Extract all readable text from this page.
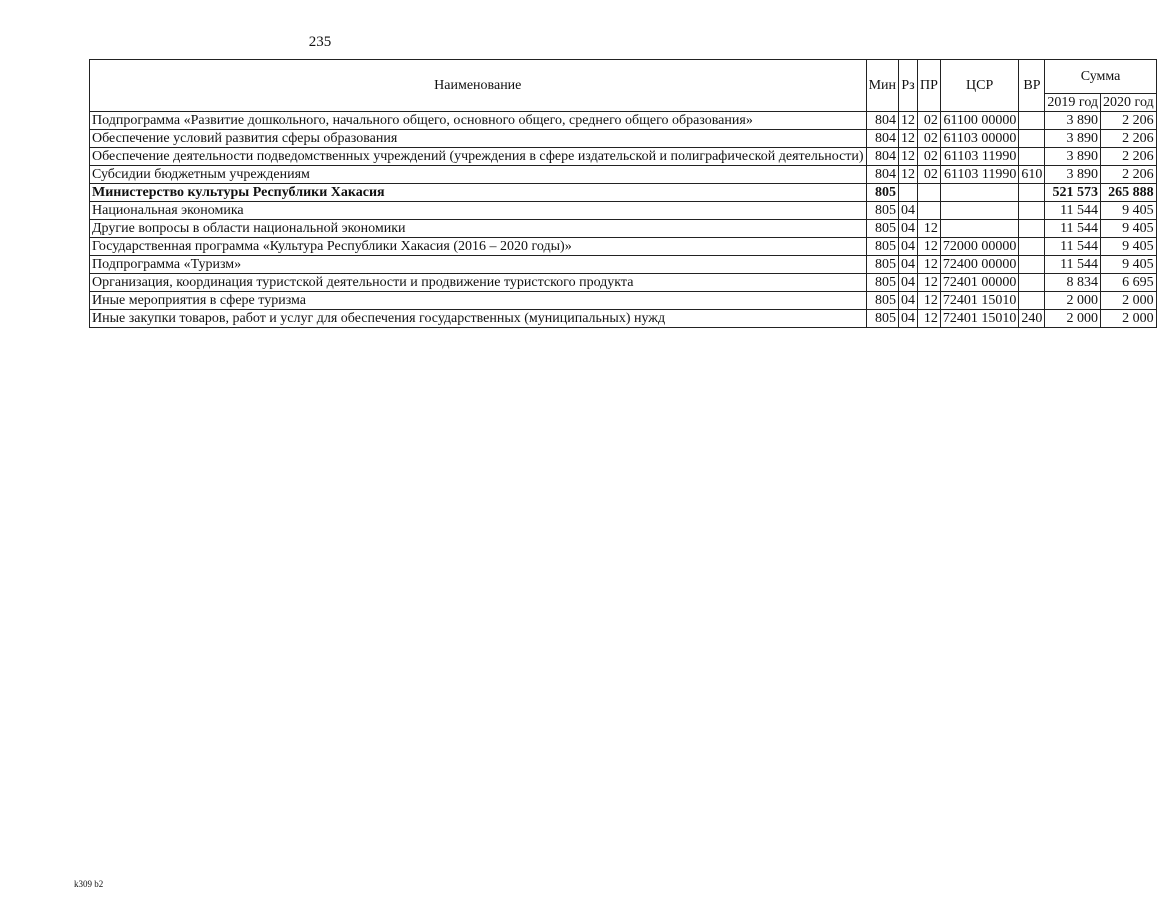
235
Наименование	Мин	Рз	ПР	ЦСР	ВР	Сумма	
						2019 год	2020 год
Подпрограмма «Развитие дошкольного, начального общего, основного общего, среднего общего образования»	804	12	02	61100 00000		3 890	2 206
Обеспечение условий развития сферы образования	804	12	02	61103 00000		3 890	2 206
Обеспечение деятельности подведомственных учреждений (учреждения в сфере издательской и полиграфической деятельности)	804	12	02	61103 11990		3 890	2 206
Субсидии бюджетным учреждениям	804	12	02	61103 11990	610	3 890	2 206
Министерство культуры Республики Хакасия	805					521 573	265 888
Национальная экономика	805	04				11 544	9 405
Другие вопросы в области национальной экономики	805	04	12			11 544	9 405
Государственная программа «Культура Республики Хакасия (2016 – 2020 годы)»	805	04	12	72000 00000		11 544	9 405
Подпрограмма «Туризм»	805	04	12	72400 00000		11 544	9 405
Организация, координация туристской деятельности и продвижение туристского продукта	805	04	12	72401 00000		8 834	6 695
Иные мероприятия в сфере туризма	805	04	12	72401 15010		2 000	2 000
Иные закупки товаров, работ и услуг для обеспечения государственных (муниципальных) нужд	805	04	12	72401 15010	240	2 000	2 000
k309 b2
